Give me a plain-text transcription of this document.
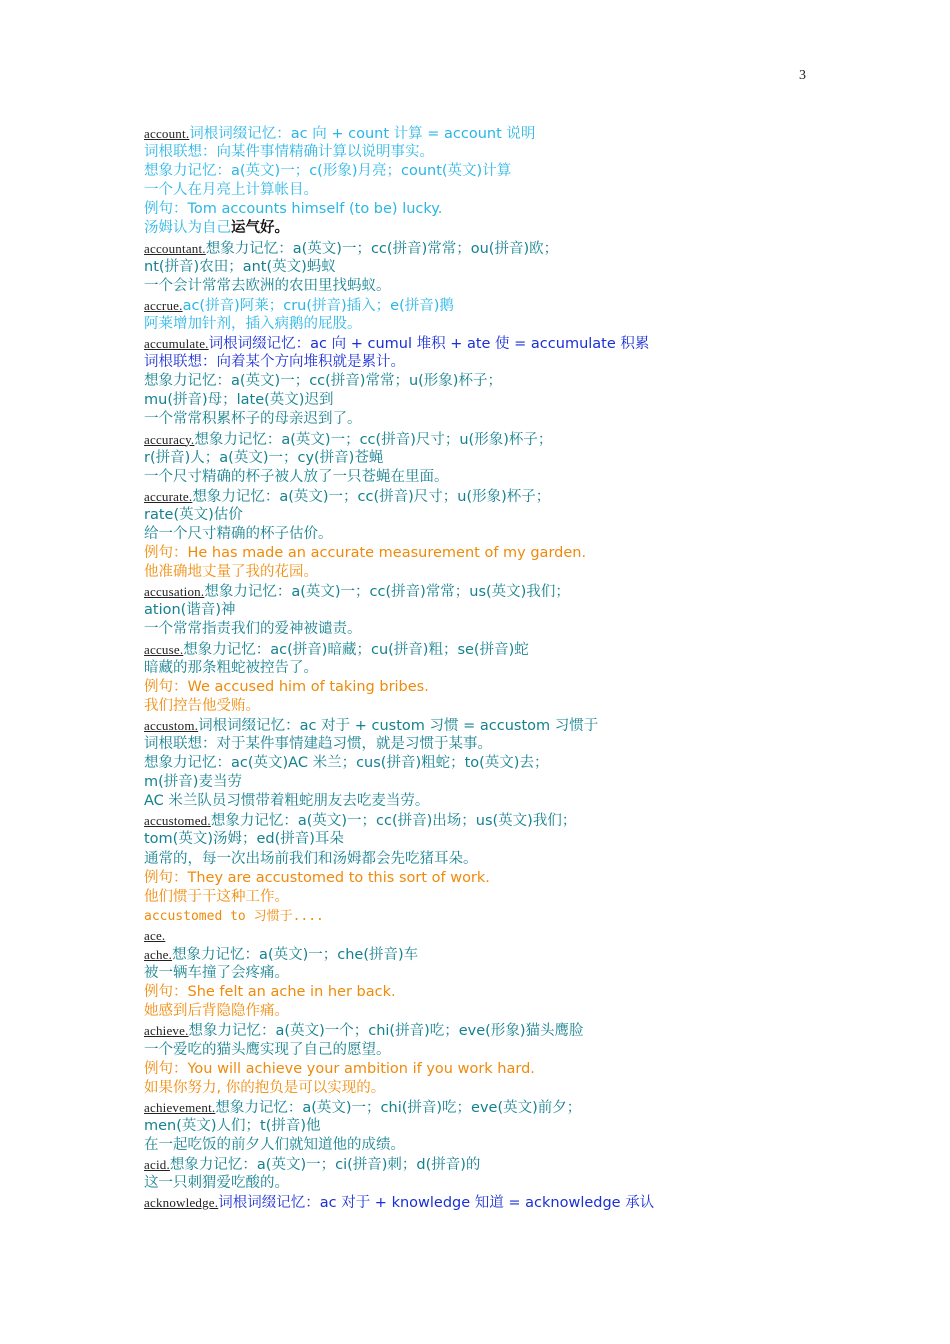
3
account.词根词缀记忆：ac 向 + count 计算 = account 说明
词根联想：向某件事情精确计算以说明事实。
想象力记忆：a(英文)一；c(形象)月亮；count(英文)计算
一个人在月亮上计算帐目。
例句：Tom accounts himself (to be) lucky.
汤姆认为自己运气好。
accountant.想象力记忆：a(英文)一；cc(拼音)常常；ou(拼音)欧；
nt(拼音)农田；ant(英文)蚂蚁
一个会计常常去欧洲的农田里找蚂蚁。
accrue.ac(拼音)阿莱；cru(拼音)插入；e(拼音)鹅
阿莱增加针剂，插入病鹅的屁股。
accumulate.词根词缀记忆：ac 向 + cumul 堆积 + ate 使 = accumulate 积累
词根联想：向着某个方向堆积就是累计。
想象力记忆：a(英文)一；cc(拼音)常常；u(形象)杯子；
mu(拼音)母；late(英文)迟到
一个常常积累杯子的母亲迟到了。
accuracy.想象力记忆：a(英文)一；cc(拼音)尺寸；u(形象)杯子；
r(拼音)人；a(英文)一；cy(拼音)苍蝇
一个尺寸精确的杯子被人放了一只苍蝇在里面。
accurate.想象力记忆：a(英文)一；cc(拼音)尺寸；u(形象)杯子；
rate(英文)估价
给一个尺寸精确的杯子估价。
例句：He has made an accurate measurement of my garden.
他准确地丈量了我的花园。
accusation.想象力记忆：a(英文)一；cc(拼音)常常；us(英文)我们；
ation(谐音)神
一个常常指责我们的爱神被谴责。
accuse.想象力记忆：ac(拼音)暗藏；cu(拼音)粗；se(拼音)蛇
暗藏的那条粗蛇被控告了。
例句：We accused him of taking bribes.
我们控告他受贿。
accustom.词根词缀记忆：ac 对于 + custom 习惯 = accustom 习惯于
词根联想：对于某件事情建趋习惯，就是习惯于某事。
想象力记忆：ac(英文)AC 米兰；cus(拼音)粗蛇；to(英文)去；
m(拼音)麦当劳
AC 米兰队员习惯带着粗蛇朋友去吃麦当劳。
accustomed.想象力记忆：a(英文)一；cc(拼音)出场；us(英文)我们；
tom(英文)汤姆；ed(拼音)耳朵
通常的，每一次出场前我们和汤姆都会先吃猪耳朵。
例句：They are accustomed to this sort of work.
他们惯于干这种工作。
accustomed to 习惯于....
ace.
ache.想象力记忆：a(英文)一；che(拼音)车
被一辆车撞了会疼痛。
例句：She felt an ache in her back.
她感到后背隐隐作痛。
achieve.想象力记忆：a(英文)一个；chi(拼音)吃；eve(形象)猫头鹰脸
一个爱吃的猫头鹰实现了自己的愿望。
例句：You will achieve your ambition if you work hard.
如果你努力, 你的抱负是可以实现的。
achievement.想象力记忆：a(英文)一；chi(拼音)吃；eve(英文)前夕；
men(英文)人们；t(拼音)他
在一起吃饭的前夕人们就知道他的成绩。
acid.想象力记忆：a(英文)一；ci(拼音)刺；d(拼音)的
这一只刺猬爱吃酸的。
acknowledge.词根词缀记忆：ac 对于 + knowledge 知道 = acknowledge 承认
